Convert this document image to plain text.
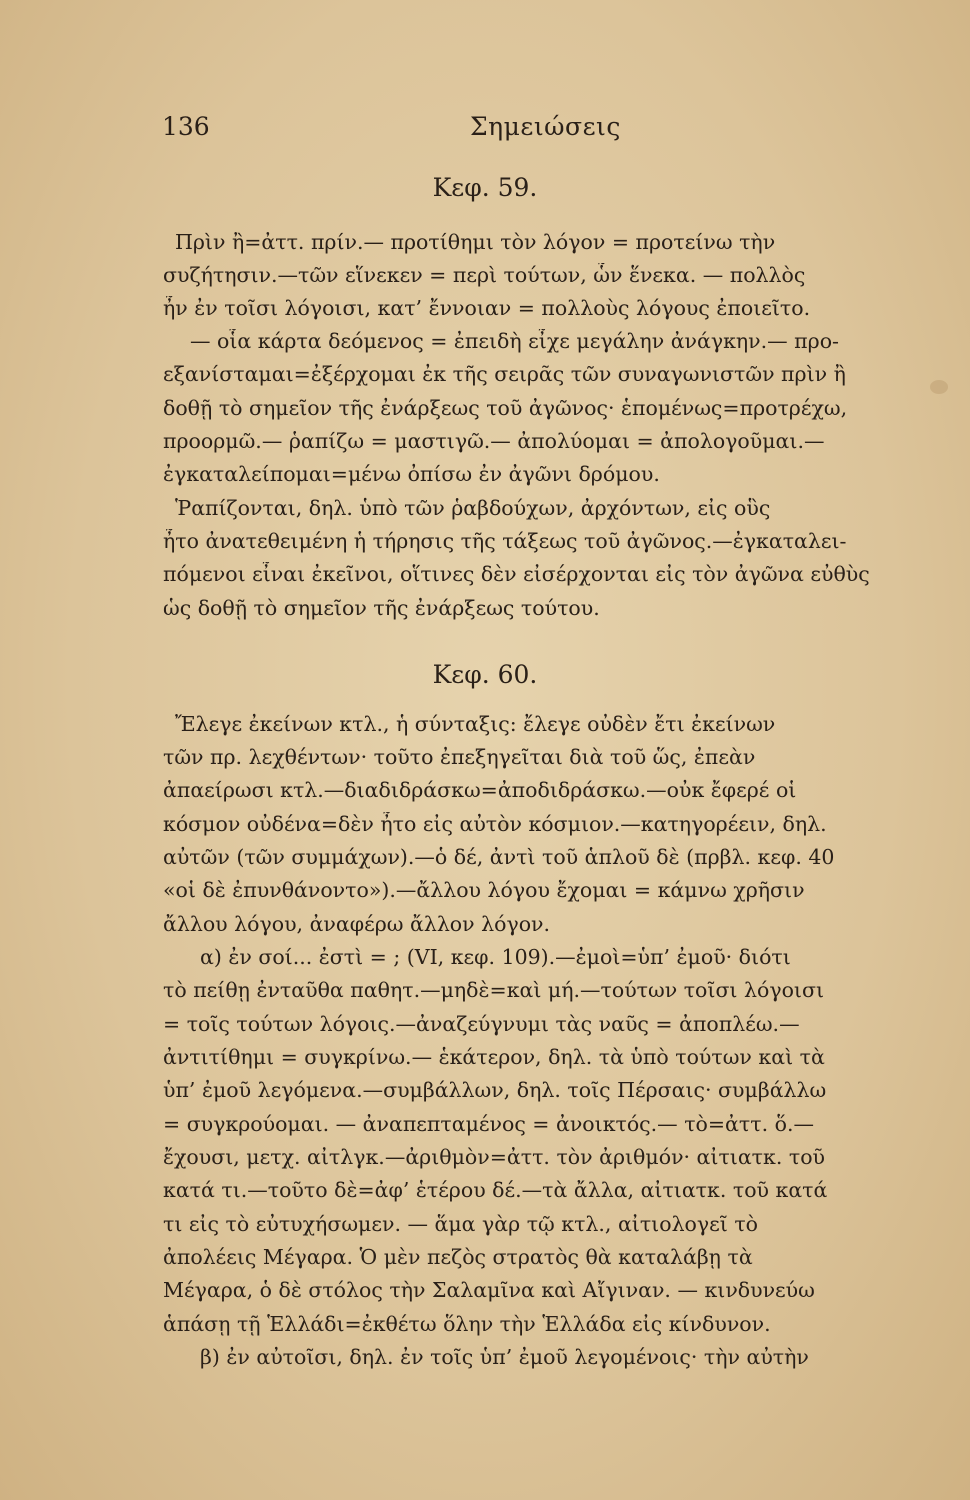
136	Σημειώσεις
Κεφ. 59.
Πρὶν ἢ=ἀττ. πρίν.— προτίθημι τὸν λόγον = προτείνω τὴν
συζήτησιν.—τῶν εἵνεκεν = περὶ τούτων, ὧν ἕνεκα. — πολλὸς
ἦν ἐν τοῖσι λόγοισι, κατ’ ἔννοιαν = πολλοὺς λόγους ἐποιεῖτο.
— οἷα κάρτα δεόμενος = ἐπειδὴ εἶχε μεγάλην ἀνάγκην.— προ-
εξανίσταμαι=ἐξέρχομαι ἐκ τῆς σειρᾶς τῶν συναγωνιστῶν πρὶν ἢ
δοθῇ τὸ σημεῖον τῆς ἐνάρξεως τοῦ ἀγῶνος· ἑπομένως=προτρέχω,
προορμῶ.— ῥαπίζω = μαστιγῶ.— ἀπολύομαι = ἀπολογοῦμαι.—
ἐγκαταλείπομαι=μένω ὀπίσω ἐν ἀγῶνι δρόμου.
Ῥαπίζονται, δηλ. ὑπὸ τῶν ῥαβδούχων, ἀρχόντων, εἰς οὓς
ἦτο ἀνατεθειμένη ἡ τήρησις τῆς τάξεως τοῦ ἀγῶνος.—ἐγκαταλει-
πόμενοι εἶναι ἐκεῖνοι, οἵτινες δὲν εἰσέρχονται εἰς τὸν ἀγῶνα εὐθὺς
ὡς δοθῇ τὸ σημεῖον τῆς ἐνάρξεως τούτου.
Κεφ. 60.
Ἔλεγε ἐκείνων κτλ., ἡ σύνταξις: ἔλεγε οὐδὲν ἔτι ἐκείνων
τῶν πρ. λεχθέντων· τοῦτο ἐπεξηγεῖται διὰ τοῦ ὥς, ἐπεὰν
ἀπαείρωσι κτλ.—διαδιδράσκω=ἀποδιδράσκω.—οὐκ ἔφερέ οἱ
κόσμον οὐδένα=δὲν ἦτο εἰς αὐτὸν κόσμιον.—κατηγορέειν, δηλ.
αὐτῶν (τῶν συμμάχων).—ὁ δέ, ἀντὶ τοῦ ἁπλοῦ δὲ (πρβλ. κεφ. 40
«οἱ δὲ ἐπυνθάνοντο»).—ἄλλου λόγου ἔχομαι = κάμνω χρῆσιν
ἄλλου λόγου, ἀναφέρω ἄλλον λόγον.
α) ἐν σοί... ἐστὶ = ; (VI, κεφ. 109).—ἐμοὶ=ὑπ’ ἐμοῦ· διότι
τὸ πείθῃ ἐνταῦθα παθητ.—μηδὲ=καὶ μή.—τούτων τοῖσι λόγοισι
= τοῖς τούτων λόγοις.—ἀναζεύγνυμι τὰς ναῦς = ἀποπλέω.—
ἀντιτίθημι = συγκρίνω.— ἑκάτερον, δηλ. τὰ ὑπὸ τούτων καὶ τὰ
ὑπ’ ἐμοῦ λεγόμενα.—συμβάλλων, δηλ. τοῖς Πέρσαις· συμβάλλω
= συγκρούομαι. — ἀναπεπταμένος = ἀνοικτός.— τὸ=ἀττ. ὅ.—
ἔχουσι, μετχ. αἰτλγκ.—ἀριθμὸν=ἀττ. τὸν ἀριθμόν· αἰτιατκ. τοῦ
κατά τι.—τοῦτο δὲ=ἀφ’ ἑτέρου δέ.—τὰ ἄλλα, αἰτιατκ. τοῦ κατά
τι εἰς τὸ εὐτυχήσωμεν. — ἅμα γὰρ τῷ κτλ., αἰτιολογεῖ τὸ
ἀπολέεις Μέγαρα. Ὁ μὲν πεζὸς στρατὸς θὰ καταλάβῃ τὰ
Μέγαρα, ὁ δὲ στόλος τὴν Σαλαμῖνα καὶ Αἴγιναν. — κινδυνεύω
ἁπάσῃ τῇ Ἑλλάδι=ἐκθέτω ὅλην τὴν Ἑλλάδα εἰς κίνδυνον.
β) ἐν αὐτοῖσι, δηλ. ἐν τοῖς ὑπ’ ἐμοῦ λεγομένοις· τὴν αὐτὴν
